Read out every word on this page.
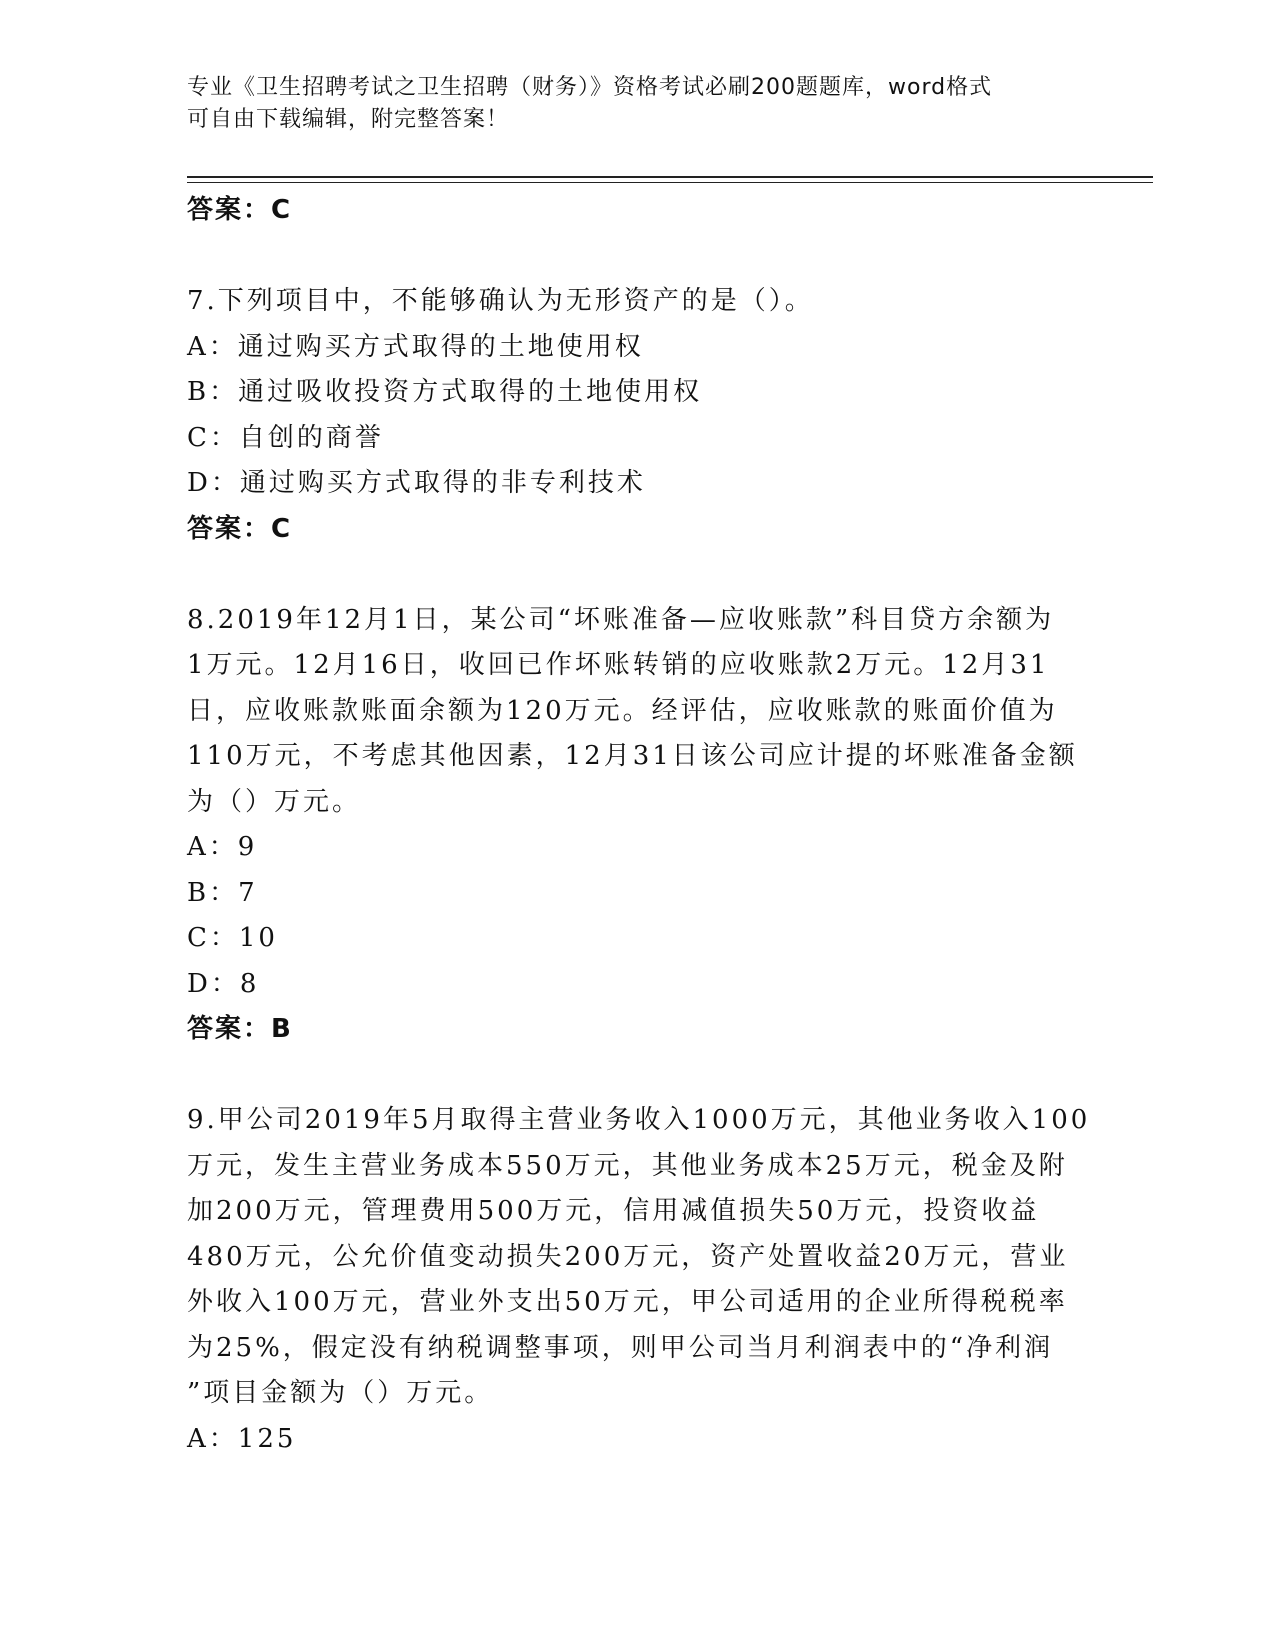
专业《卫生招聘考试之卫生招聘（财务）》资格考试必刷200题题库，word格式
可自由下载编辑，附完整答案！
答案：C
7.下列项目中，不能够确认为无形资产的是（）。
A：通过购买方式取得的土地使用权
B：通过吸收投资方式取得的土地使用权
C：自创的商誉
D：通过购买方式取得的非专利技术
答案：C
8.2019年12月1日，某公司“坏账准备—应收账款”科目贷方余额为
1万元。12月16日，收回已作坏账转销的应收账款2万元。12月31
日，应收账款账面余额为120万元。经评估，应收账款的账面价值为
110万元，不考虑其他因素，12月31日该公司应计提的坏账准备金额
为（）万元。
A：9
B：7
C：10
D：8
答案：B
9.甲公司2019年5月取得主营业务收入1000万元，其他业务收入100
万元，发生主营业务成本550万元，其他业务成本25万元，税金及附
加200万元，管理费用500万元，信用减值损失50万元，投资收益
480万元，公允价值变动损失200万元，资产处置收益20万元，营业
外收入100万元，营业外支出50万元，甲公司适用的企业所得税税率
为25%，假定没有纳税调整事项，则甲公司当月利润表中的“净利润
”项目金额为（）万元。
A：125
